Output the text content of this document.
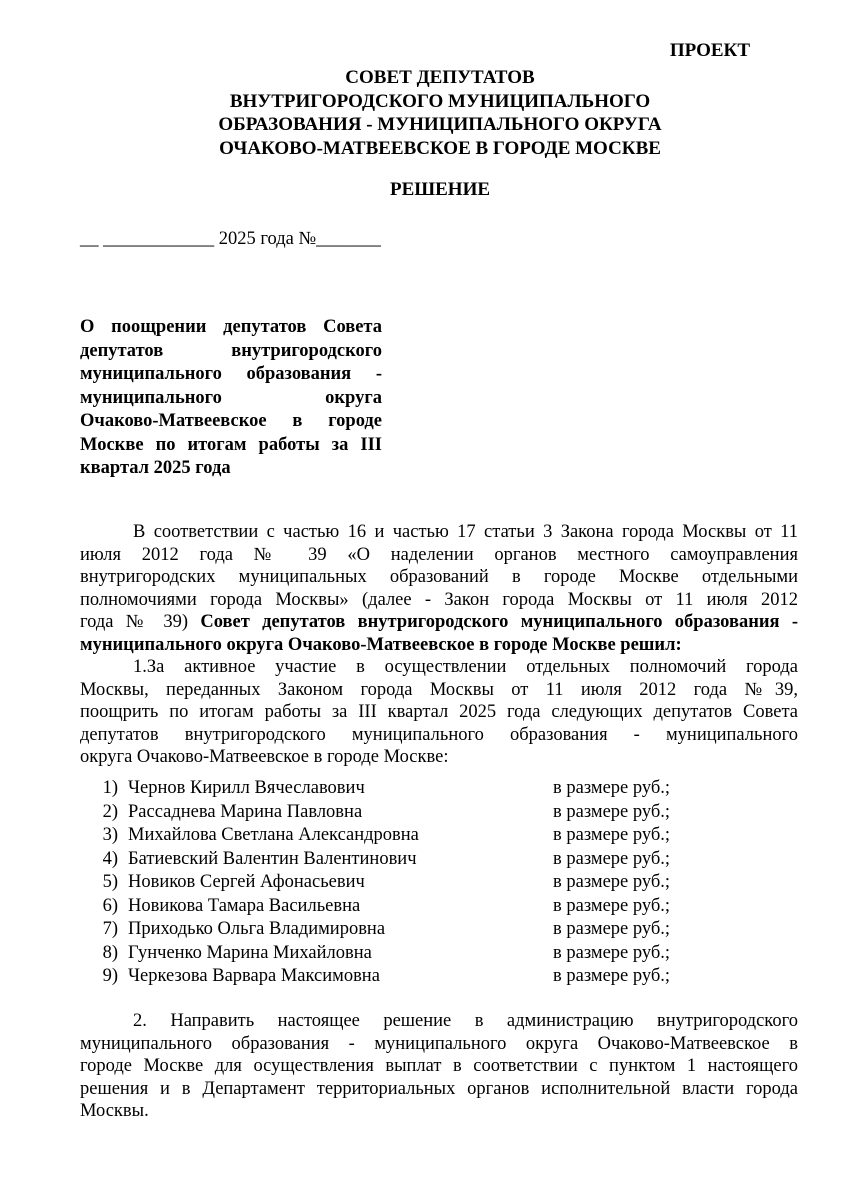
ПРОЕКТ
СОВЕТ ДЕПУТАТОВ
ВНУТРИГОРОДСКОГО МУНИЦИПАЛЬНОГО
ОБРАЗОВАНИЯ - МУНИЦИПАЛЬНОГО ОКРУГА
ОЧАКОВО-МАТВЕЕВСКОЕ В ГОРОДЕ МОСКВЕ
РЕШЕНИЕ
__ ____________ 2025 года №_______
О поощрении депутатов Совета
депутатов внутригородского
муниципального образования -
муниципального округа
Очаково-Матвеевское в городе
Москве по итогам работы за III
квартал 2025 года
В соответствии с частью 16 и частью 17 статьи 3 Закона города Москвы от 11
июля 2012 года № 39 «О наделении органов местного самоуправления
внутригородских муниципальных образований в городе Москве отдельными
полномочиями города Москвы» (далее - Закон города Москвы от 11 июля 2012
года № 39) Совет депутатов внутригородского муниципального образования -
муниципального округа Очаково-Матвеевское в городе Москве решил:
1.За активное участие в осуществлении отдельных полномочий города
Москвы, переданных Законом города Москвы от 11 июля 2012 года №39,
поощрить по итогам работы за III квартал 2025 года следующих депутатов Совета
депутатов внутригородского муниципального образования - муниципального
округа Очаково-Матвеевское в городе Москве:
1) Чернов Кирилл Вячеславович	в размере руб.;
2) Рассаднева Марина Павловна	в размере руб.;
3) Михайлова Светлана Александровна	в размере руб.;
4) Батиевский Валентин Валентинович	в размере руб.;
5) Новиков Сергей Афонасьевич	в размере руб.;
6) Новикова Тамара Васильевна	в размере руб.;
7) Приходько Ольга Владимировна	в размере руб.;
8) Гунченко Марина Михайловна	в размере руб.;
9) Черкезова Варвара Максимовна	в размере руб.;
2. Направить настоящее решение в администрацию внутригородского
муниципального образования - муниципального округа Очаково-Матвеевское в
городе Москве для осуществления выплат в соответствии с пунктом 1 настоящего
решения и в Департамент территориальных органов исполнительной власти города
Москвы.
